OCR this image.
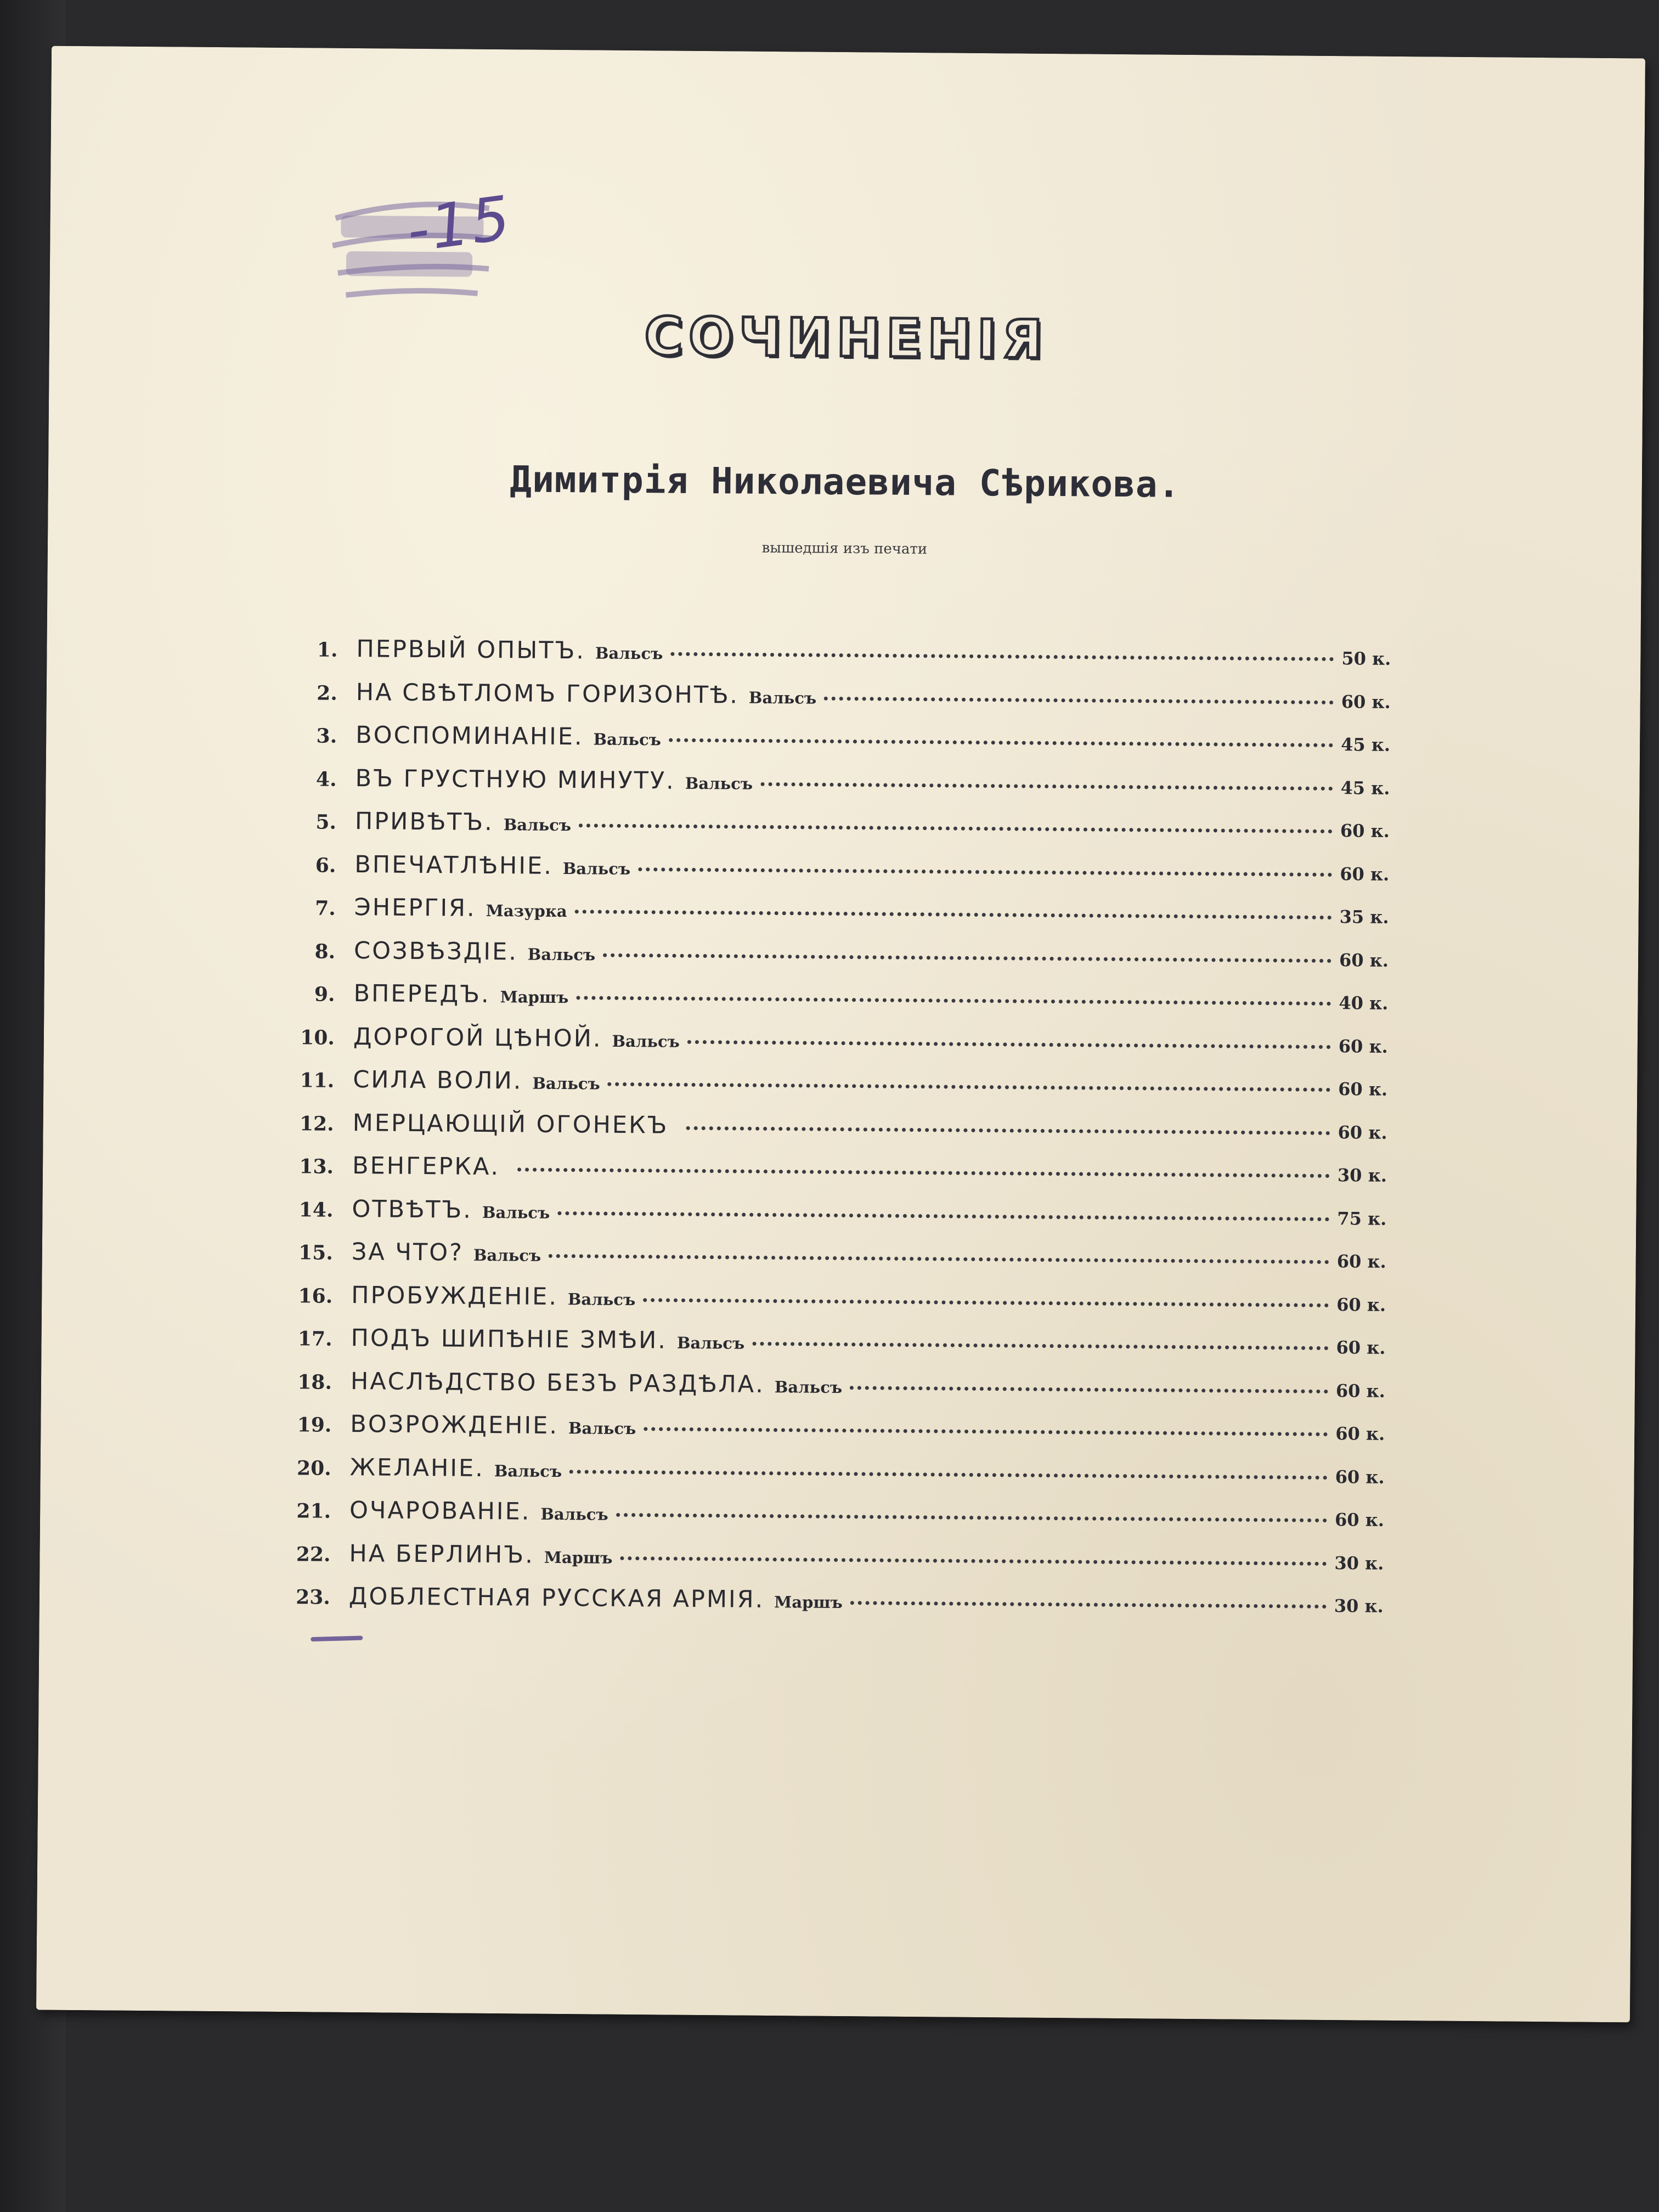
-15
СОЧИНЕНІЯ
Димитрія Николаевича Сѣрикова.
вышедшія изъ печати
1. ПЕРВЫЙ ОПЫТЪ. Вальсъ	50 к.
2. НА СВѢТЛОМЪ ГОРИЗОНТѢ. Вальсъ	60 к.
3. ВОСПОМИНАНІЕ. Вальсъ	45 к.
4. ВЪ ГРУСТНУЮ МИНУТУ. Вальсъ	45 к.
5. ПРИВѢТЪ. Вальсъ	60 к.
6. ВПЕЧАТЛѢНІЕ. Вальсъ	60 к.
7. ЭНЕРГІЯ. Мазурка	35 к.
8. СОЗВѢЗДІЕ. Вальсъ	60 к.
9. ВПЕРЕДЪ. Маршъ	40 к.
10. ДОРОГОЙ ЦѢНОЙ. Вальсъ	60 к.
11. СИЛА ВОЛИ. Вальсъ	60 к.
12. МЕРЦАЮЩІЙ ОГОНЕКЪ	60 к.
13. ВЕНГЕРКА.	30 к.
14. ОТВѢТЪ. Вальсъ	75 к.
15. ЗА ЧТО? Вальсъ	60 к.
16. ПРОБУЖДЕНІЕ. Вальсъ	60 к.
17. ПОДЪ ШИПѢНІЕ ЗМѢИ. Вальсъ	60 к.
18. НАСЛѢДСТВО БЕЗЪ РАЗДѢЛА. Вальсъ	60 к.
19. ВОЗРОЖДЕНІЕ. Вальсъ	60 к.
20. ЖЕЛАНІЕ. Вальсъ	60 к.
21. ОЧАРОВАНІЕ. Вальсъ	60 к.
22. НА БЕРЛИНЪ. Маршъ	30 к.
23. ДОБЛЕСТНАЯ РУССКАЯ АРМІЯ. Маршъ	30 к.
